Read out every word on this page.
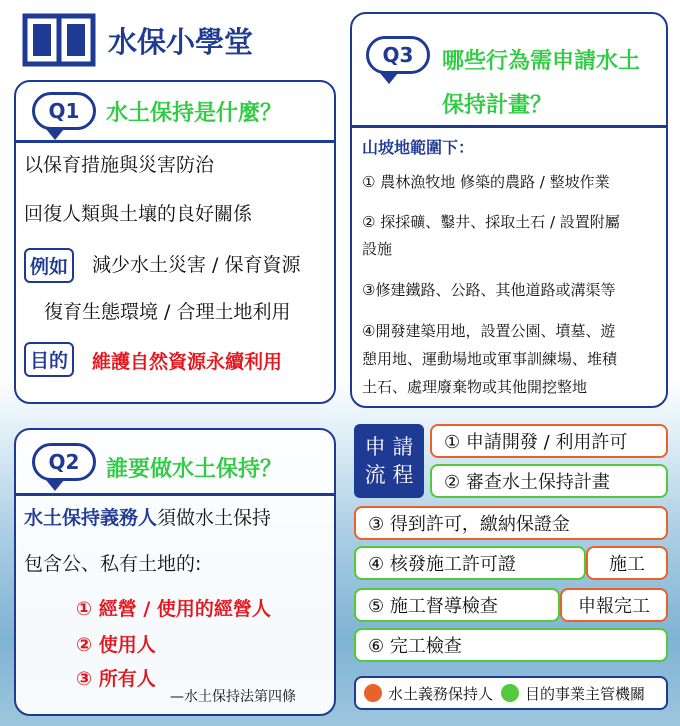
水保小學堂
Q1	水土保持是什麼？
以保育措施與災害防治
回復人類與土壤的良好關係
例如	減少水土災害 / 保育資源
復育生態環境 / 合理土地利用
目的	維護自然資源永續利用
Q2	誰要做水土保持？
水土保持義務人須做水土保持
包含公、私有土地的:
① 經營 / 使用的經營人
② 使用人
③ 所有人
—水土保持法第四條
Q3	哪些行為需申請水土
保持計畫？
山坡地範圍下：
① 農林漁牧地 修築的農路 / 整坡作業
② 探採礦、鑿井、採取土石 / 設置附屬
設施
③修建鐵路、公路、其他道路或溝渠等
④開發建築用地，設置公園、墳墓、遊
憩用地、運動場地或軍事訓練場、堆積
土石、處理廢棄物或其他開挖整地
申 請
流 程
① 申請開發 / 利用許可
② 審查水土保持計畫
③ 得到許可，繳納保證金
④ 核發施工許可證	施工
⑤ 施工督導檢查	申報完工
⑥ 完工檢查
水土義務保持人 目的事業主管機關
